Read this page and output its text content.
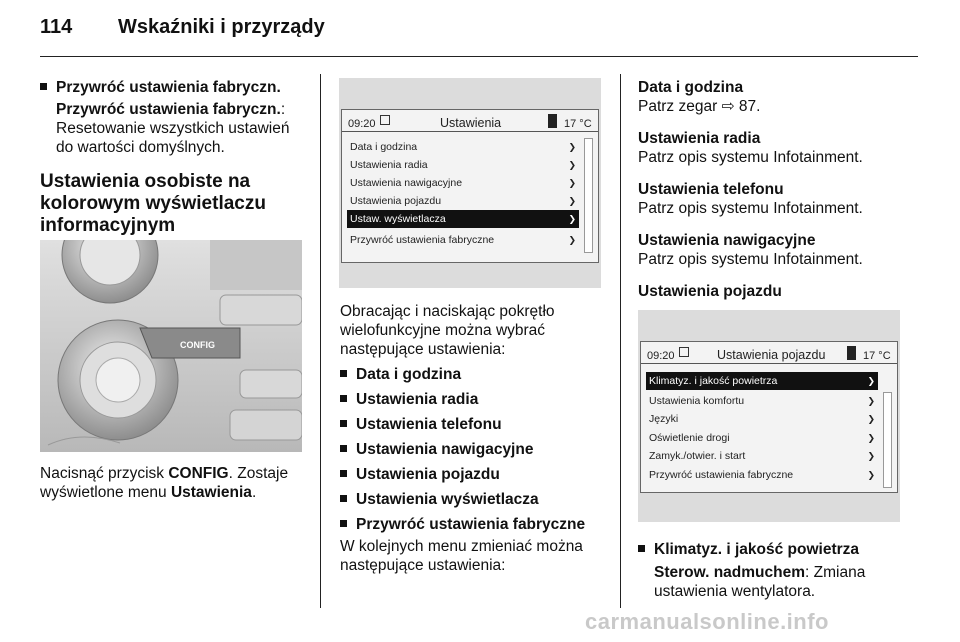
114 Wskaźniki i przyrządy
Przywróć ustawienia fabryczn.
Przywróć ustawienia fabryczn.:
Resetowanie wszystkich ustawień
do wartości domyślnych.
Ustawienia osobiste na
kolorowym wyświetlaczu
informacyjnym
CONFIG
Nacisnąć przycisk CONFIG. Zostaje
wyświetlone menu Ustawienia.
09:20	Ustawienia	17 °C
Data i godzina	❯
Ustawienia radia	❯
Ustawienia nawigacyjne	❯
Ustawienia pojazdu	❯
Ustaw. wyświetlacza	❯
Przywróć ustawienia fabryczne	❯
Obracając i naciskając pokrętło
wielofunkcyjne można wybrać
następujące ustawienia:
Data i godzina
Ustawienia radia
Ustawienia telefonu
Ustawienia nawigacyjne
Ustawienia pojazdu
Ustawienia wyświetlacza
Przywróć ustawienia fabryczne
W kolejnych menu zmieniać można
następujące ustawienia:
Data i godzina
Patrz zegar ⇨ 87.
Ustawienia radia
Patrz opis systemu Infotainment.
Ustawienia telefonu
Patrz opis systemu Infotainment.
Ustawienia nawigacyjne
Patrz opis systemu Infotainment.
Ustawienia pojazdu
09:20	Ustawienia pojazdu	17 °C
Klimatyz. i jakość powietrza	❯
Ustawienia komfortu	❯
Języki	❯
Oświetlenie drogi	❯
Zamyk./otwier. i start	❯
Przywróć ustawienia fabryczne	❯
Klimatyz. i jakość powietrza
Sterow. nadmuchem: Zmiana
ustawienia wentylatora.
carmanualsonline.info
